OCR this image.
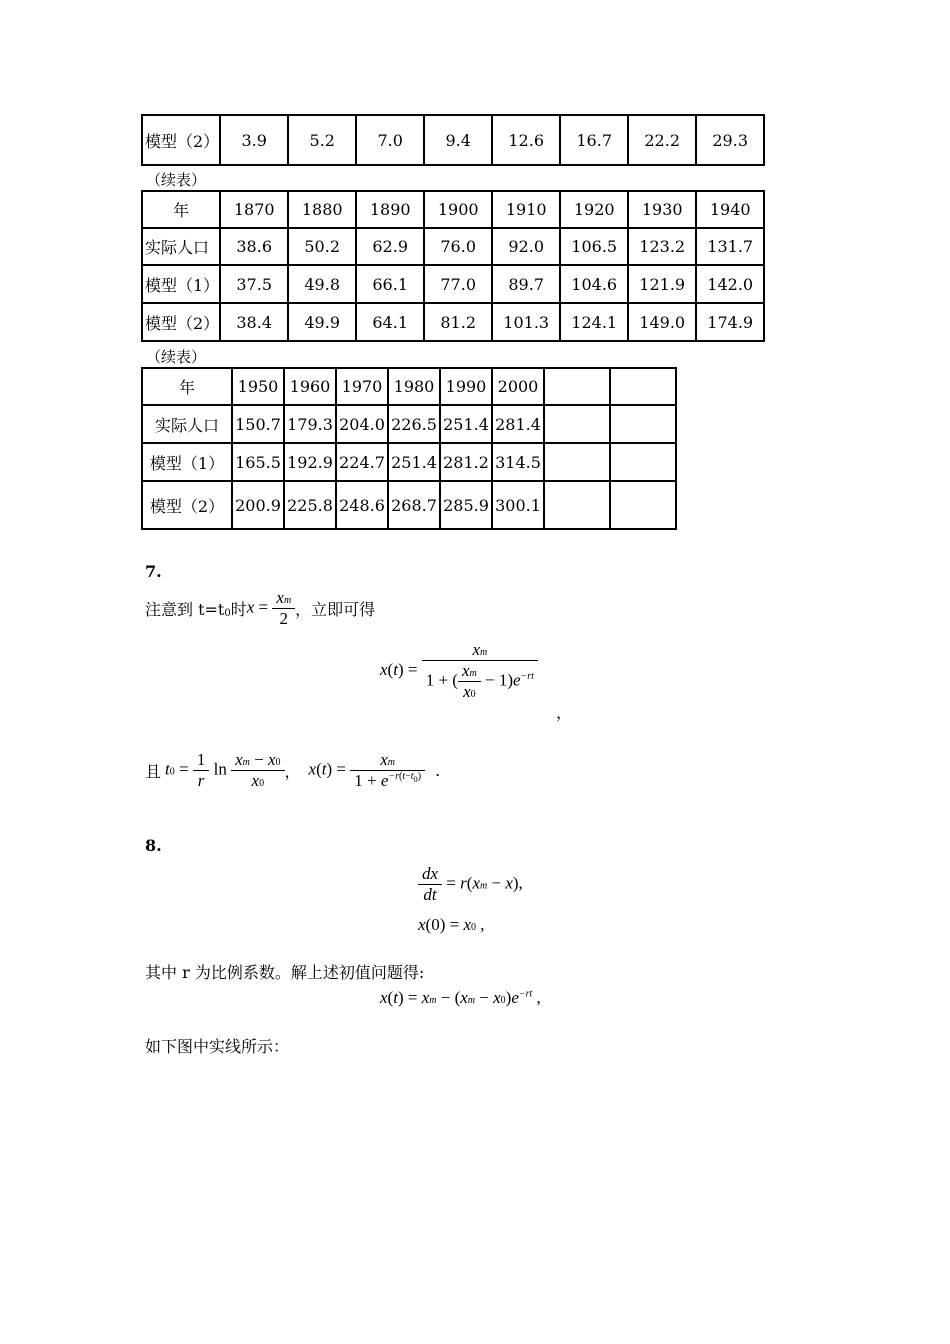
模型（2）	3.9	5.2	7.0	9.4	12.6	16.7	22.2	29.3
（续表）
年	1870	1880	1890	1900	1910	1920	1930	1940
实际人口	38.6	50.2	62.9	76.0	92.0	106.5	123.2	131.7
模型（1）	37.5	49.8	66.1	77.0	89.7	104.6	121.9	142.0
模型（2）	38.4	49.9	64.1	81.2	101.3	124.1	149.0	174.9
（续表）
年	1950	1960	1970	1980	1990	2000		
实际人口	150.7	179.3	204.0	226.5	251.4	281.4		
模型（1）	165.5	192.9	224.7	251.4	281.2	314.5		
模型（2）	200.9	225.8	248.6	268.7	285.9	300.1		
7.
注意到 t=t 0 时 $x = \frac{xm}{2}$ ，立即可得
$x(t) = \frac{xm}{1 + ( \frac{xm}{x0} - 1)e^{-rt}}$
，
且 $t0 = \frac{1}{r}$ $\ln \frac{xm - x0}{x0}$ ， $x(t) = \frac{xm}{1 + e^{-r(t-t_0)}}$ .
8.
$\frac{dx}{dt} = r(xm - x)$,
x(0) = x0 ,
其中 r 为比例系数。解上述初值问题得:
x(t) = xm − $(xm - x0)e^{-rt}$ ,
如下图中实线所示：
